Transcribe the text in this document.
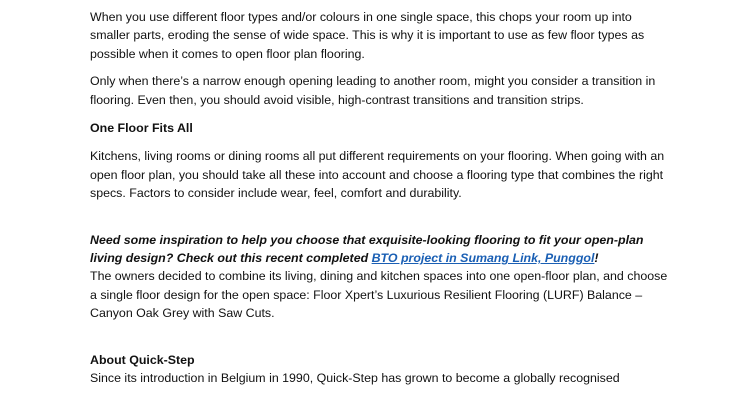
When you use different floor types and/or colours in one single space, this chops your room up into smaller parts, eroding the sense of wide space. This is why it is important to use as few floor types as possible when it comes to open floor plan flooring.

Only when there’s a narrow enough opening leading to another room, might you consider a transition in flooring. Even then, you should avoid visible, high-contrast transitions and transition strips.

One Floor Fits All

Kitchens, living rooms or dining rooms all put different requirements on your flooring. When going with an open floor plan, you should take all these into account and choose a flooring type that combines the right specs. Factors to consider include wear, feel, comfort and durability.

Need some inspiration to help you choose that exquisite-looking flooring to fit your open-plan living design? Check out this recent completed BTO project in Sumang Link, Punggol!

The owners decided to combine its living, dining and kitchen spaces into one open-floor plan, and choose a single floor design for the open space: Floor Xpert’s Luxurious Resilient Flooring (LURF) Balance – Canyon Oak Grey with Saw Cuts.

About Quick-Step

Since its introduction in Belgium in 1990, Quick-Step has grown to become a globally recognised
